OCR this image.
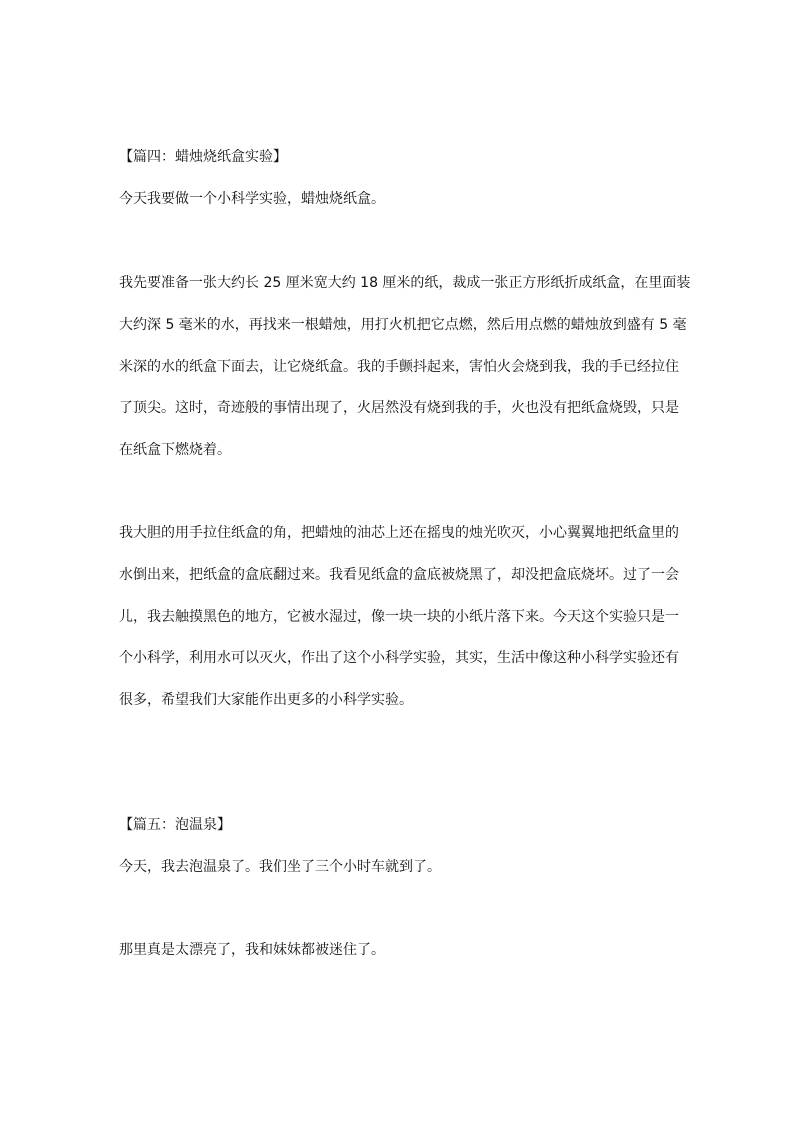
【篇四：蜡烛烧纸盒实验】
今天我要做一个小科学实验，蜡烛烧纸盒。
我先要准备一张大约长 25 厘米宽大约 18 厘米的纸，裁成一张正方形纸折成纸盒，在里面装
大约深 5 毫米的水，再找来一根蜡烛，用打火机把它点燃，然后用点燃的蜡烛放到盛有 5 毫
米深的水的纸盒下面去，让它烧纸盒。我的手颤抖起来，害怕火会烧到我，我的手已经拉住
了顶尖。这时，奇迹般的事情出现了，火居然没有烧到我的手，火也没有把纸盒烧毁，只是
在纸盒下燃烧着。
我大胆的用手拉住纸盒的角，把蜡烛的油芯上还在摇曳的烛光吹灭，小心翼翼地把纸盒里的
水倒出来，把纸盒的盒底翻过来。我看见纸盒的盒底被烧黑了，却没把盒底烧坏。过了一会
儿，我去触摸黑色的地方，它被水湿过，像一块一块的小纸片落下来。今天这个实验只是一
个小科学，利用水可以灭火，作出了这个小科学实验，其实，生活中像这种小科学实验还有
很多，希望我们大家能作出更多的小科学实验。
【篇五：泡温泉】
今天，我去泡温泉了。我们坐了三个小时车就到了。
那里真是太漂亮了，我和妹妹都被迷住了。
